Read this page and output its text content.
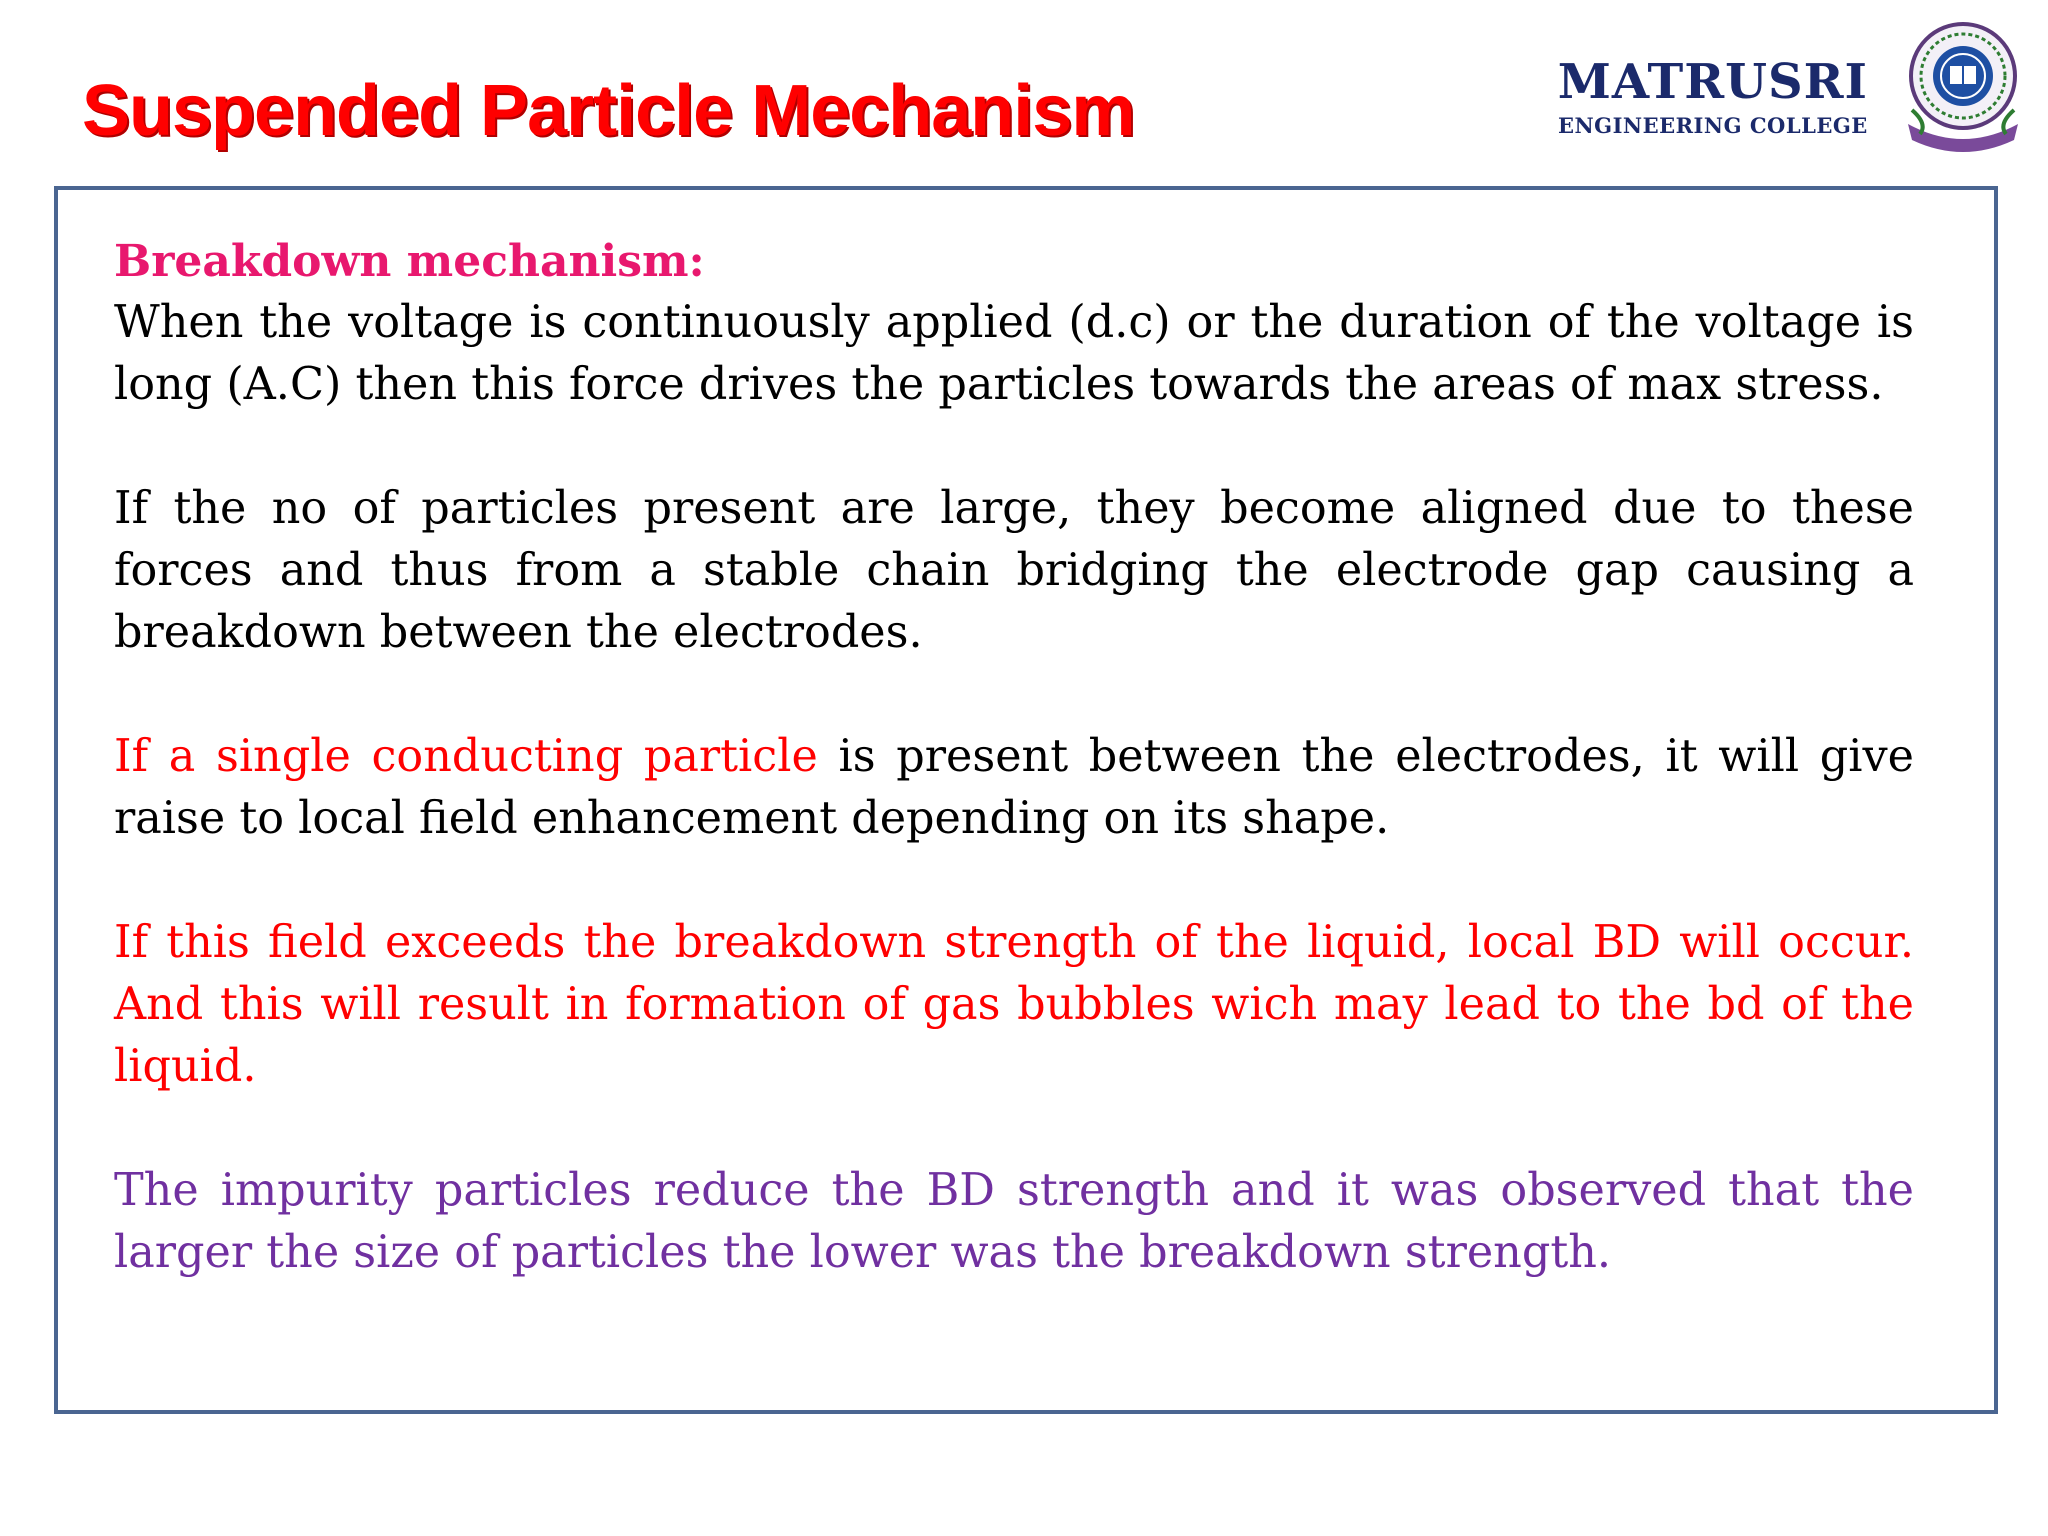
Suspended Particle Mechanism	MATRUSRI
ENGINEERING COLLEGE

Breakdown mechanism:

When the voltage is continuously applied (d.c) or the duration of the voltage is long (A.C) then this force drives the particles towards the areas of max stress.

If the no of particles present are large, they become aligned due to these forces and thus from a stable chain bridging the electrode gap causing a breakdown between the electrodes.

If a single conducting particle is present between the electrodes, it will give raise to local field enhancement depending on its shape.

If this field exceeds the breakdown strength of the liquid, local BD will occur. And this will result in formation of gas bubbles wich may lead to the bd of the liquid.

The impurity particles reduce the BD strength and it was observed that the larger the size of particles the lower was the breakdown strength.
